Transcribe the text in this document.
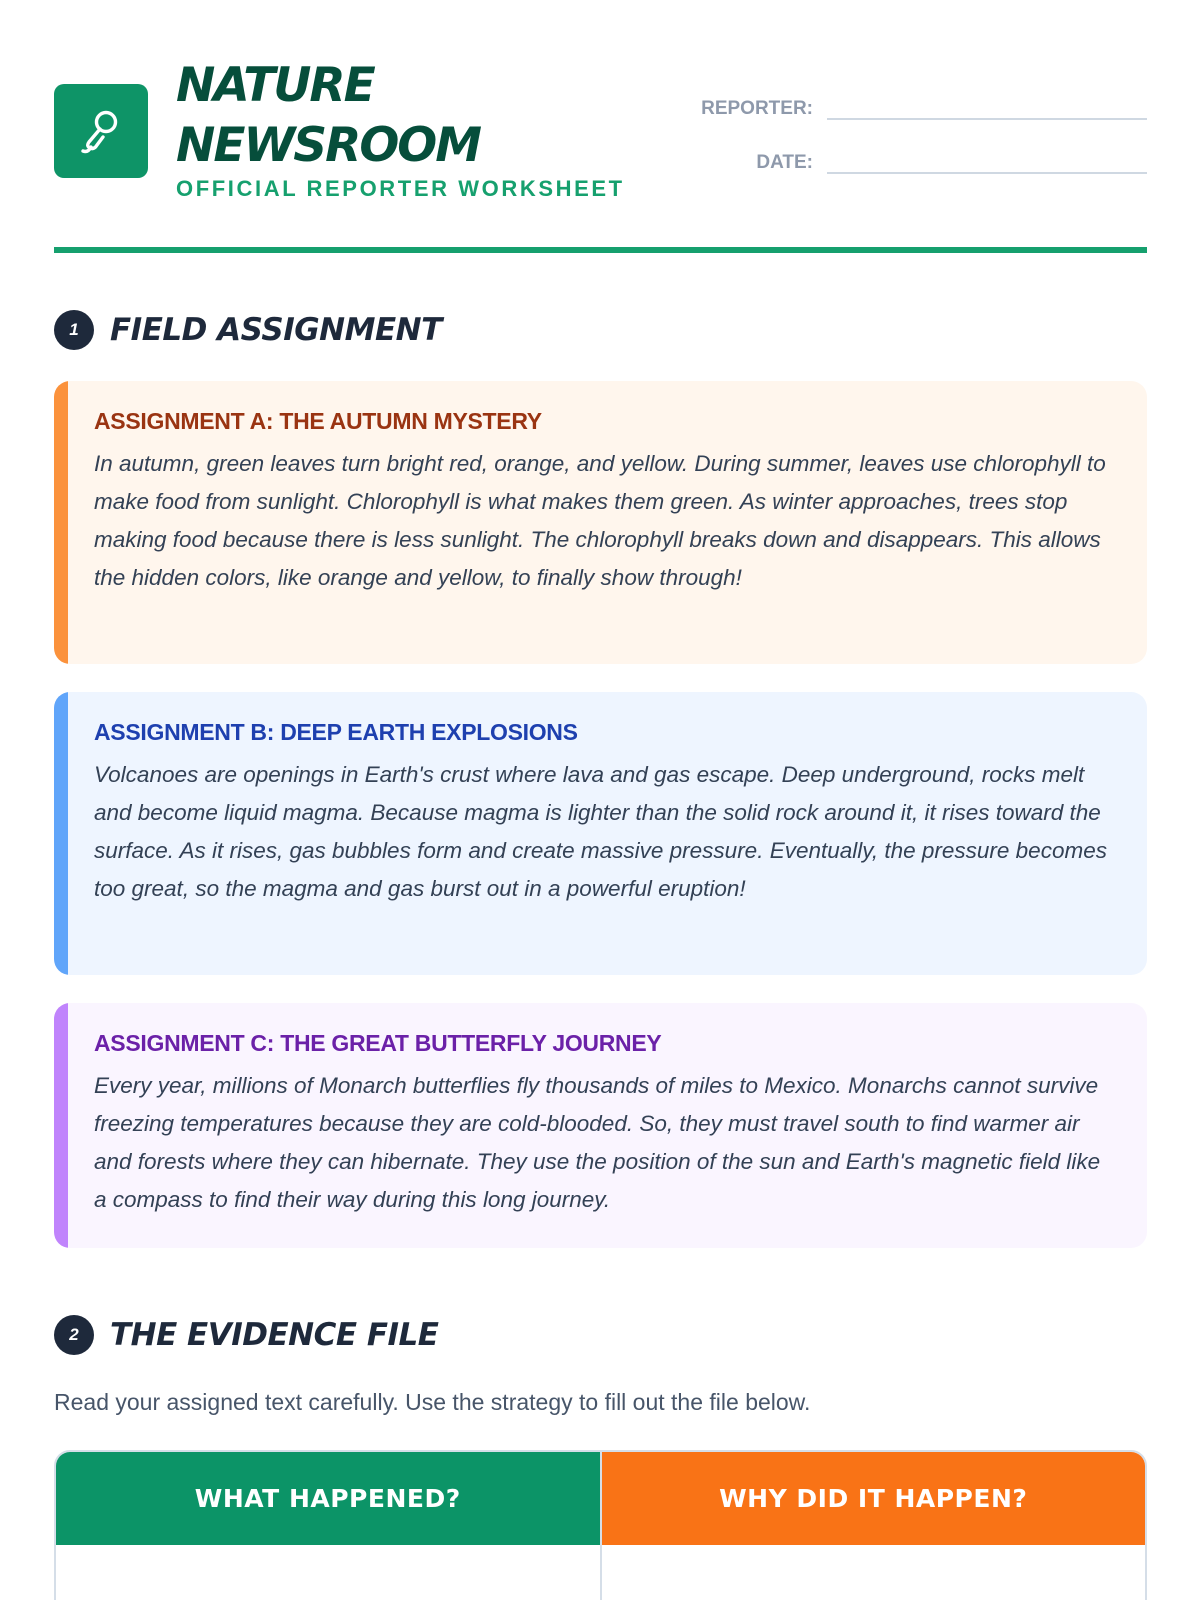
NATURE
NEWSROOM
OFFICIAL REPORTER WORKSHEET
REPORTER:
DATE:
1	FIELD ASSIGNMENT
ASSIGNMENT A: THE AUTUMN MYSTERY
In autumn, green leaves turn bright red, orange, and yellow. During summer, leaves use chlorophyll to make food from sunlight. Chlorophyll is what makes them green. As winter approaches, trees stop making food because there is less sunlight. The chlorophyll breaks down and disappears. This allows the hidden colors, like orange and yellow, to finally show through!
ASSIGNMENT B: DEEP EARTH EXPLOSIONS
Volcanoes are openings in Earth's crust where lava and gas escape. Deep underground, rocks melt and become liquid magma. Because magma is lighter than the solid rock around it, it rises toward the surface. As it rises, gas bubbles form and create massive pressure. Eventually, the pressure becomes too great, so the magma and gas burst out in a powerful eruption!
ASSIGNMENT C: THE GREAT BUTTERFLY JOURNEY
Every year, millions of Monarch butterflies fly thousands of miles to Mexico. Monarchs cannot survive freezing temperatures because they are cold-blooded. So, they must travel south to find warmer air and forests where they can hibernate. They use the position of the sun and Earth's magnetic field like a compass to find their way during this long journey.
2	THE EVIDENCE FILE
Read your assigned text carefully. Use the strategy to fill out the file below.
WHAT HAPPENED?	WHY DID IT HAPPEN?
